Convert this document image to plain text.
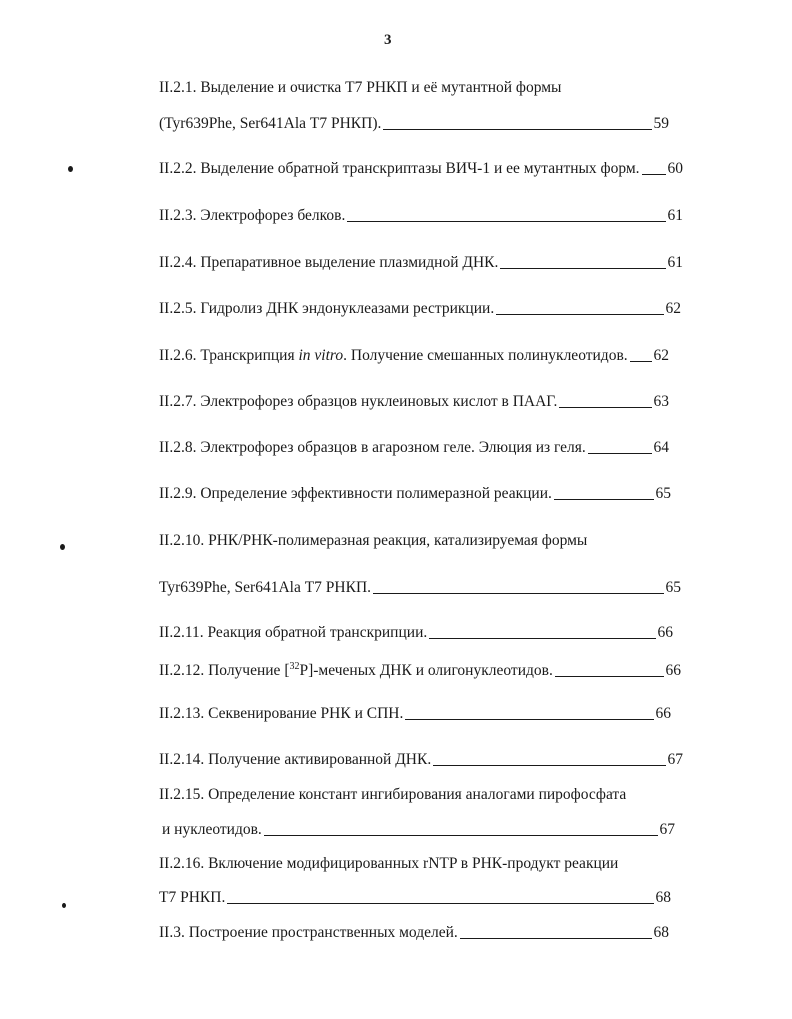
3
II.2.1. Выделение и очистка Т7 РНКП и её мутантной формы
(Tyr639Phe, Ser641Ala Т7 РНКП).	59
II.2.2. Выделение обратной транскриптазы ВИЧ-1 и ее мутантных форм. 60
II.2.3. Электрофорез белков.	61
II.2.4. Препаративное выделение плазмидной ДНК.	61
II.2.5. Гидролиз ДНК эндонуклеазами рестрикции.	62
II.2.6. Транскрипция in vitro. Получение смешанных полинуклеотидов. 62
II.2.7. Электрофорез образцов нуклеиновых кислот в ПААГ.	63
II.2.8. Электрофорез образцов в агарозном геле. Элюция из геля.	64
II.2.9. Определение эффективности полимеразной реакции.	65
II.2.10. РНК/РНК-полимеразная реакция, катализируемая формы
Tyr639Phe, Ser641Ala Т7 РНКП.	65
II.2.11. Реакция обратной транскрипции.	66
II.2.12. Получение [$^{32}$P]-меченых ДНК и олигонуклеотидов.	66
II.2.13. Секвенирование РНК и СПН.	66
II.2.14. Получение активированной ДНК.	67
II.2.15. Определение констант ингибирования аналогами пирофосфата
и нуклеотидов.	67
II.2.16. Включение модифицированных rNTP в РНК-продукт реакции
Т7 РНКП.	68
II.3. Построение пространственных моделей.	68
